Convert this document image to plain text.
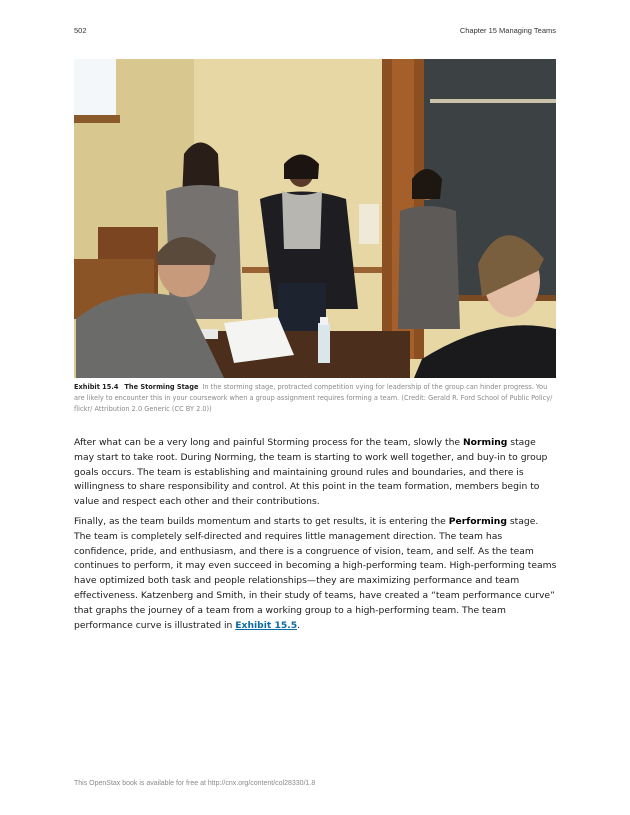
502	Chapter 15 Managing Teams
Exhibit 15.4 The Storming Stage In the storming stage, protracted competition vying for leadership of the group can hinder progress. You are likely to encounter this in your coursework when a group assignment requires forming a team. (Credit: Gerald R. Ford School of Public Policy/ flickr/ Attribution 2.0 Generic (CC BY 2.0))

After what can be a very long and painful Storming process for the team, slowly the Norming stage may start to take root. During Norming, the team is starting to work well together, and buy-in to group goals occurs. The team is establishing and maintaining ground rules and boundaries, and there is willingness to share responsibility and control. At this point in the team formation, members begin to value and respect each other and their contributions.

Finally, as the team builds momentum and starts to get results, it is entering the Performing stage. The team is completely self-directed and requires little management direction. The team has confidence, pride, and enthusiasm, and there is a congruence of vision, team, and self. As the team continues to perform, it may even succeed in becoming a high-performing team. High-performing teams have optimized both task and people relationships—they are maximizing performance and team effectiveness. Katzenberg and Smith, in their study of teams, have created a “team performance curve” that graphs the journey of a team from a working group to a high-performing team. The team performance curve is illustrated in Exhibit 15.5.

This OpenStax book is available for free at http://cnx.org/content/col28330/1.8
